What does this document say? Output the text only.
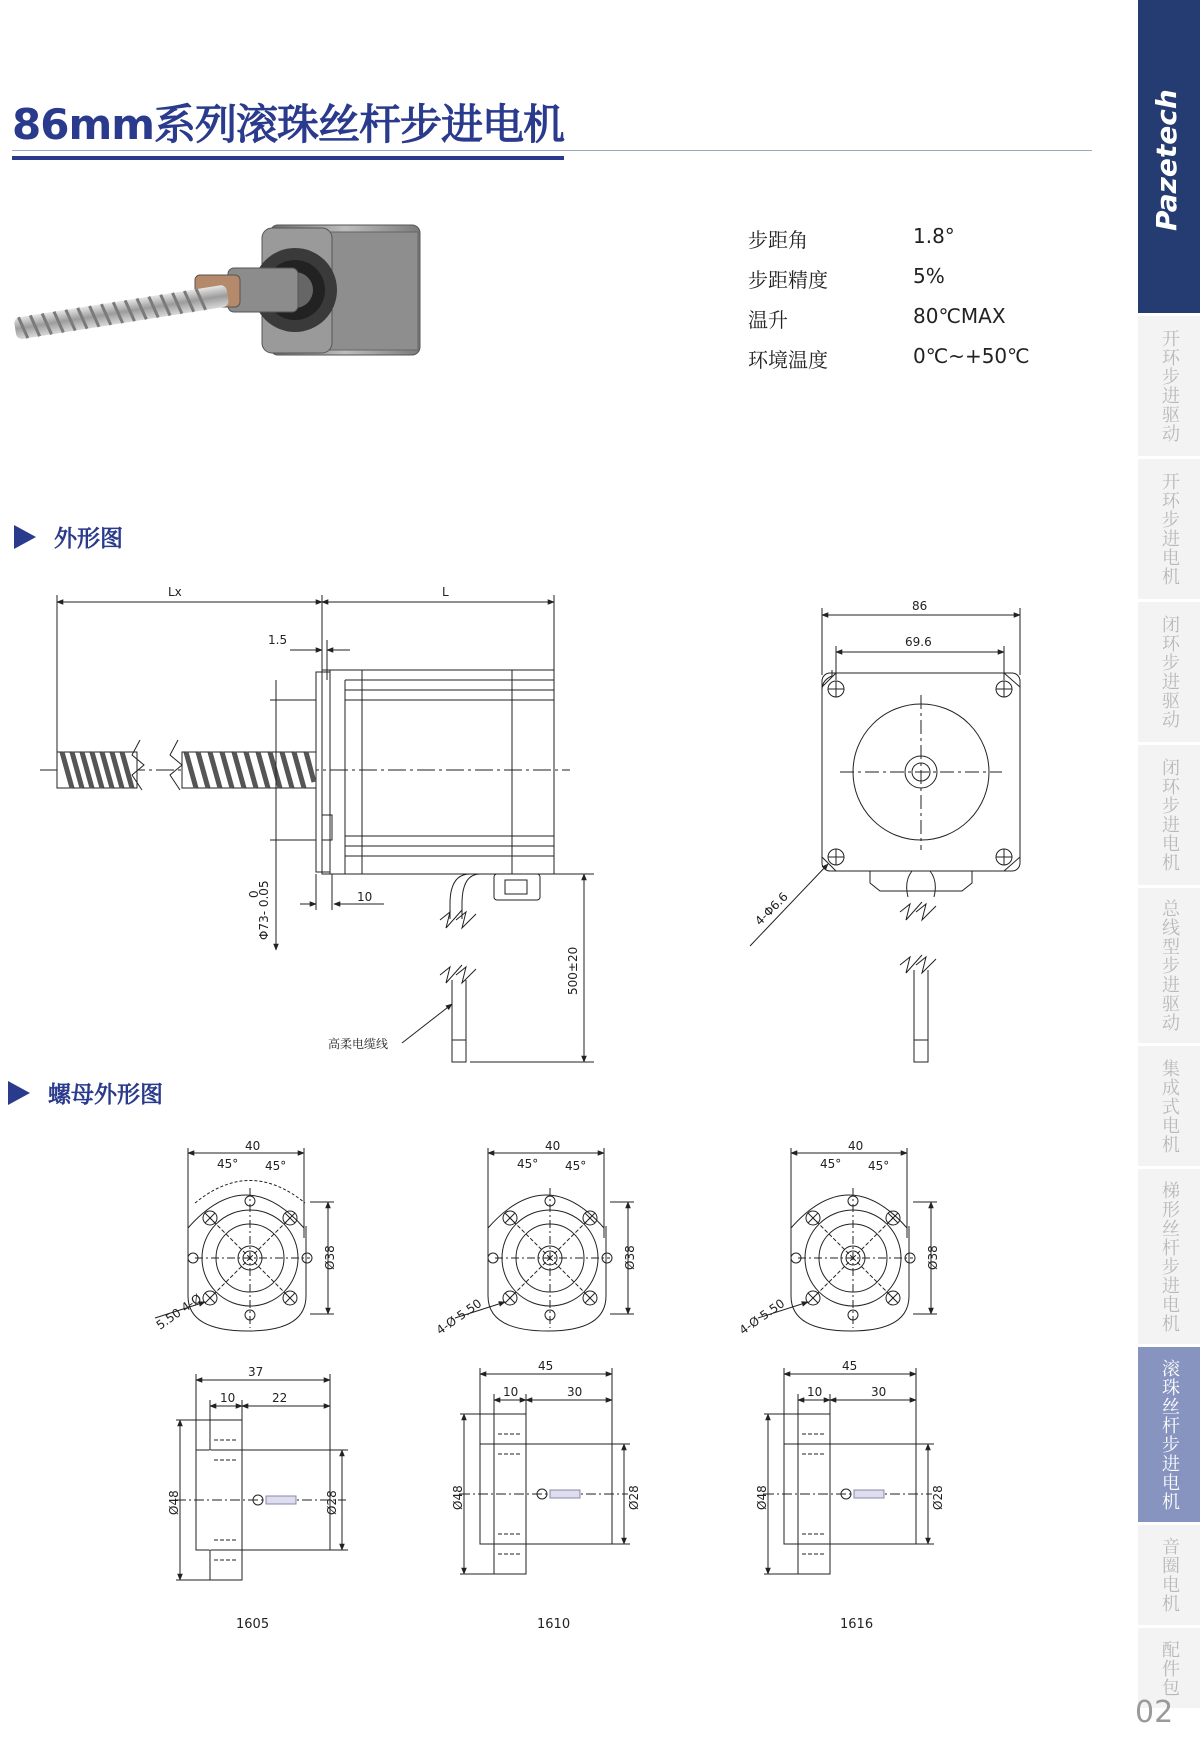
86mm系列滚珠丝杆步进电机	Pazetech
开环步进驱动
开环步进电机
闭环步进驱动
闭环步进电机
总线型步进驱动
集成式电机
梯形丝杆步进电机
滚珠丝杆步进电机
音圈电机
配件包
02
步距角	1.8°
步距精度	5%
温升	80℃MAX
环境温度	0℃~+50℃
外形图
螺母外形图
Lx	L
1.5
10
Φ73- 0.05
0
500±20
高柔电缆线
86
69.6
4-Φ6.6
40
45° 45°
Ø38
5.50 4-Ø
37
10	22
Ø48	Ø28
1605
40
45° 45°
Ø38
4-Ø 5.50
45
10	30
Ø48	Ø28
1610
40
45° 45°
Ø38
4-Ø 5.50
45
10	30
Ø48	Ø28
1616
